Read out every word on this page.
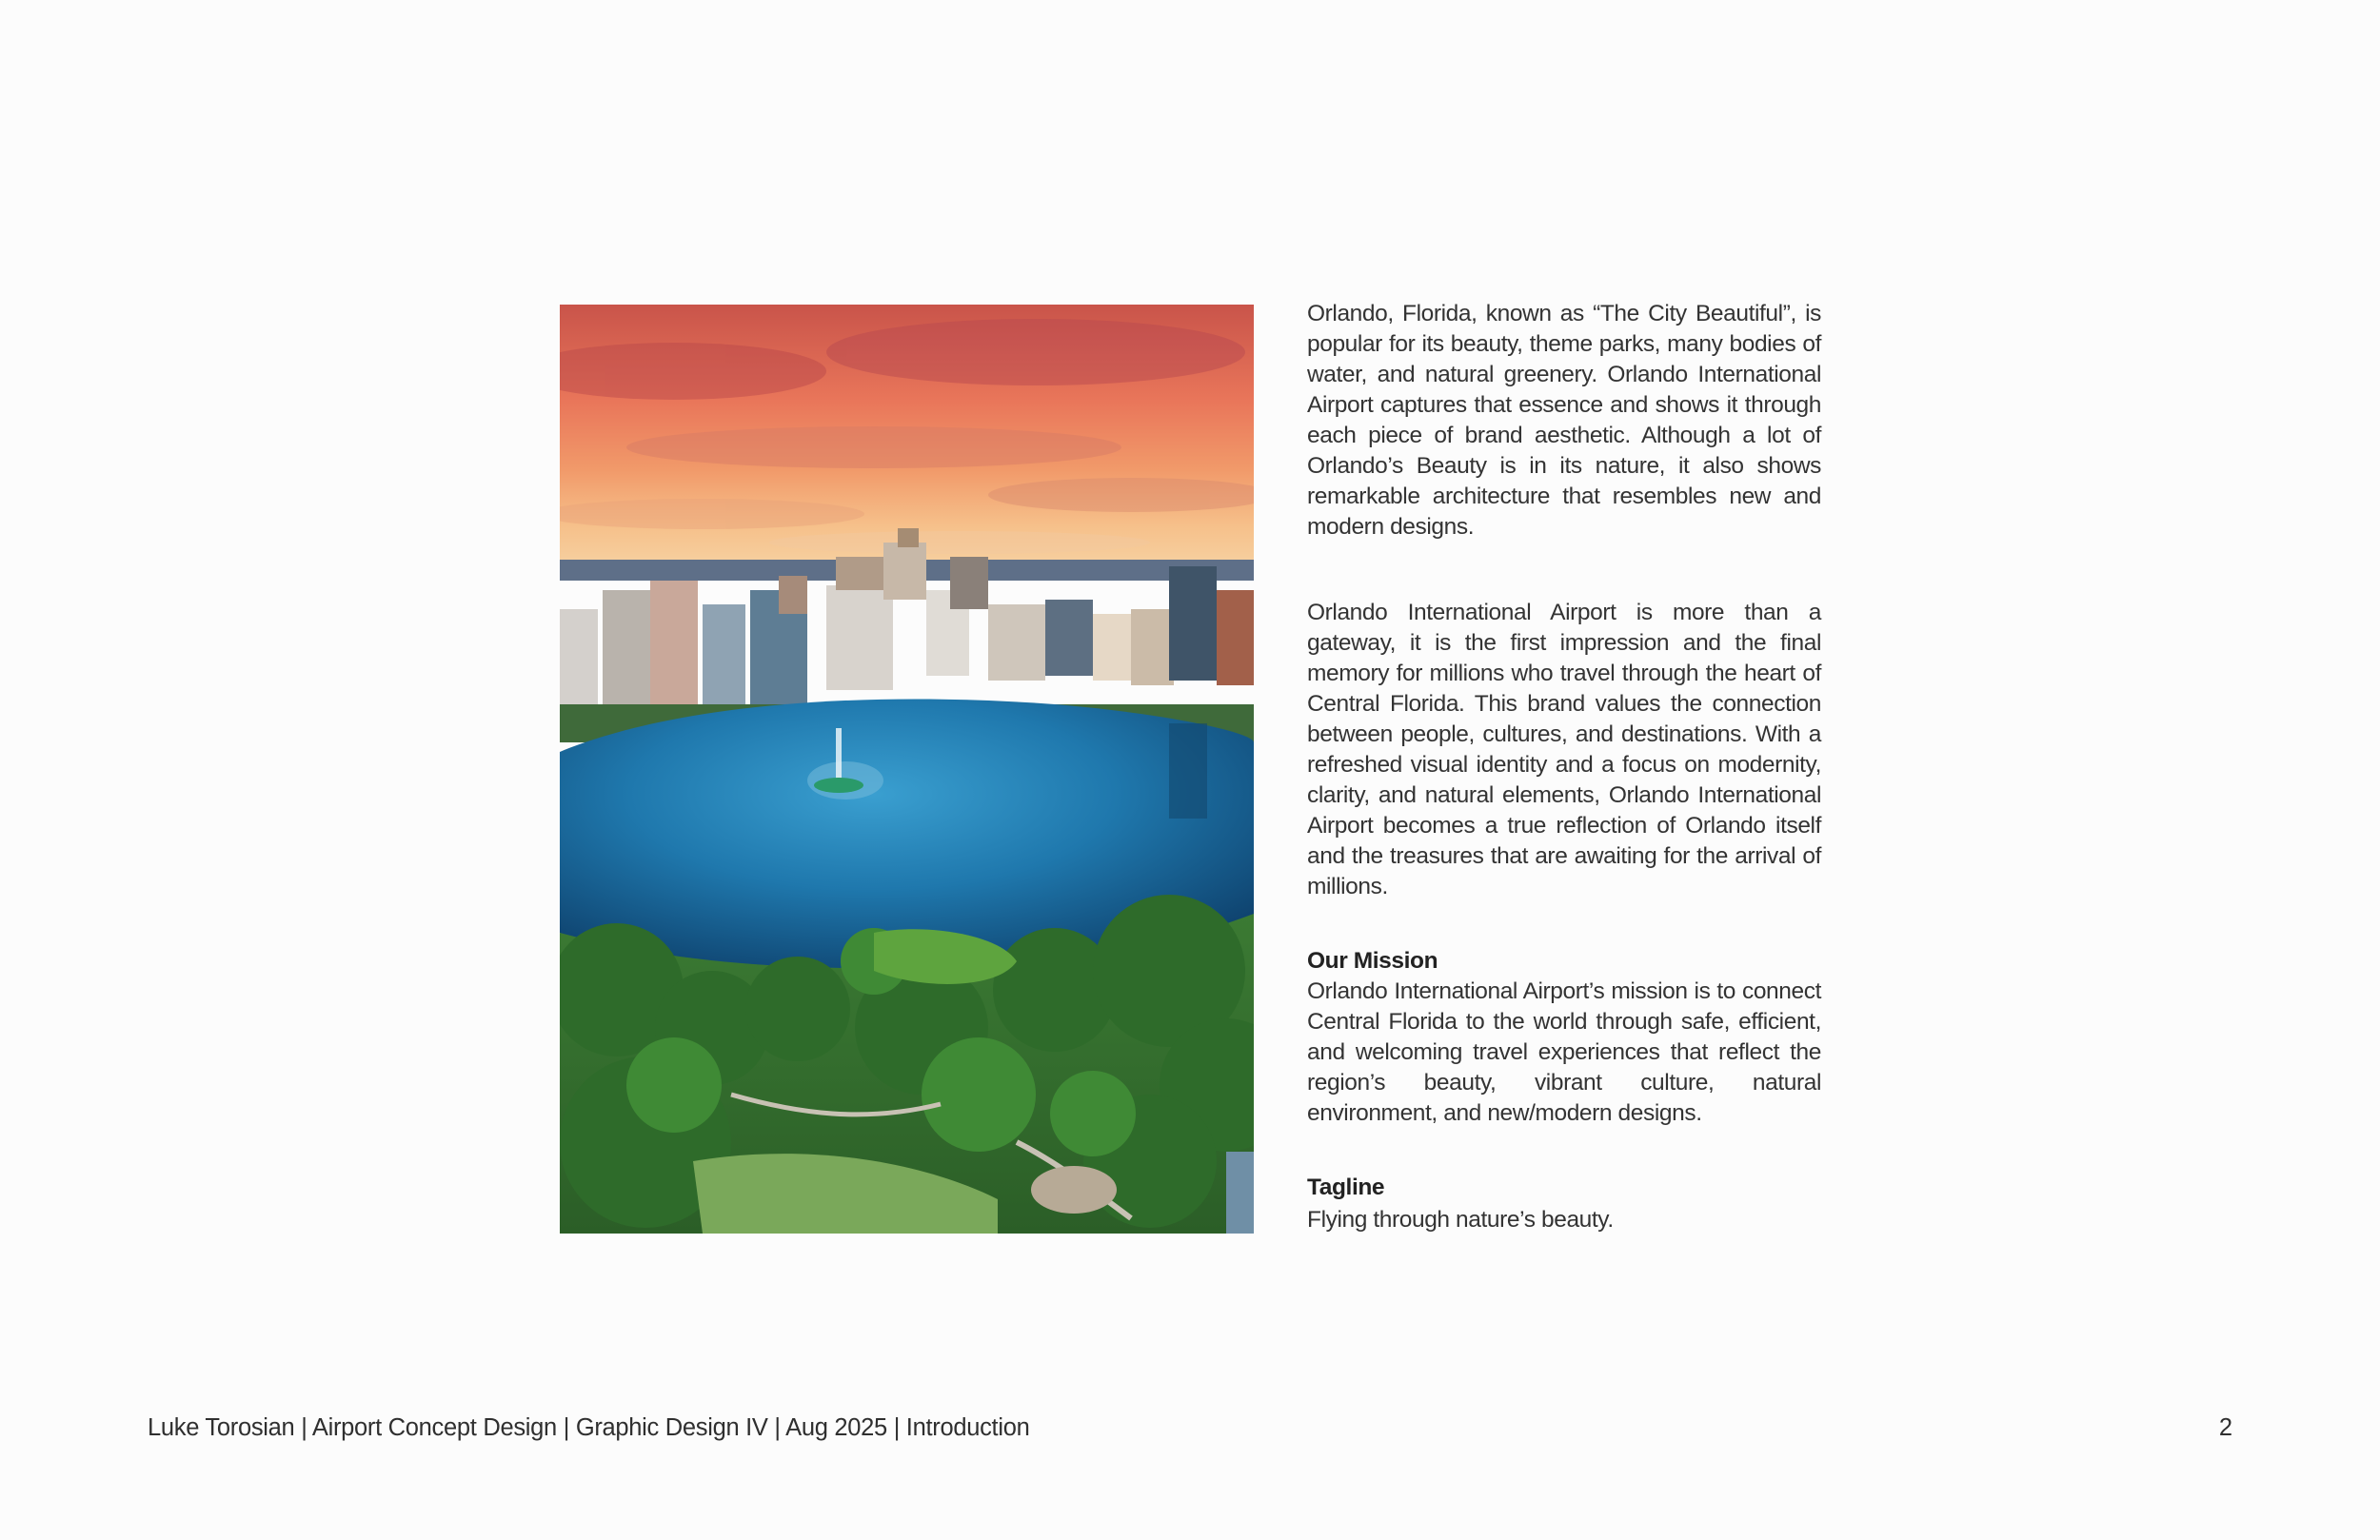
Orlando, Florida, known as “The City Beautiful”, is popular for its beauty, theme parks, many bodies of water, and natural greenery. Orlando International Airport captures that essence and shows it through each piece of brand aesthetic. Although a lot of Orlando’s Beauty is in its nature, it also shows remarkable architecture that resembles new and modern designs.

Orlando International Airport is more than a gateway, it is the first impression and the final memory for millions who travel through the heart of Central Florida. This brand values the connection between people, cultures, and destinations. With a refreshed visual identity and a focus on modernity, clarity, and natural elements, Orlando International Airport becomes a true reflection of Orlando itself and the treasures that are awaiting for the arrival of millions.

Our Mission

Orlando International Airport’s mission is to connect Central Florida to the world through safe, efficient, and welcoming travel experiences that reflect the region’s beauty, vibrant culture, natural environment, and new/modern designs.

Tagline

Flying through nature’s beauty.

Luke Torosian | Airport Concept Design | Graphic Design IV | Aug 2025 | Introduction	2
